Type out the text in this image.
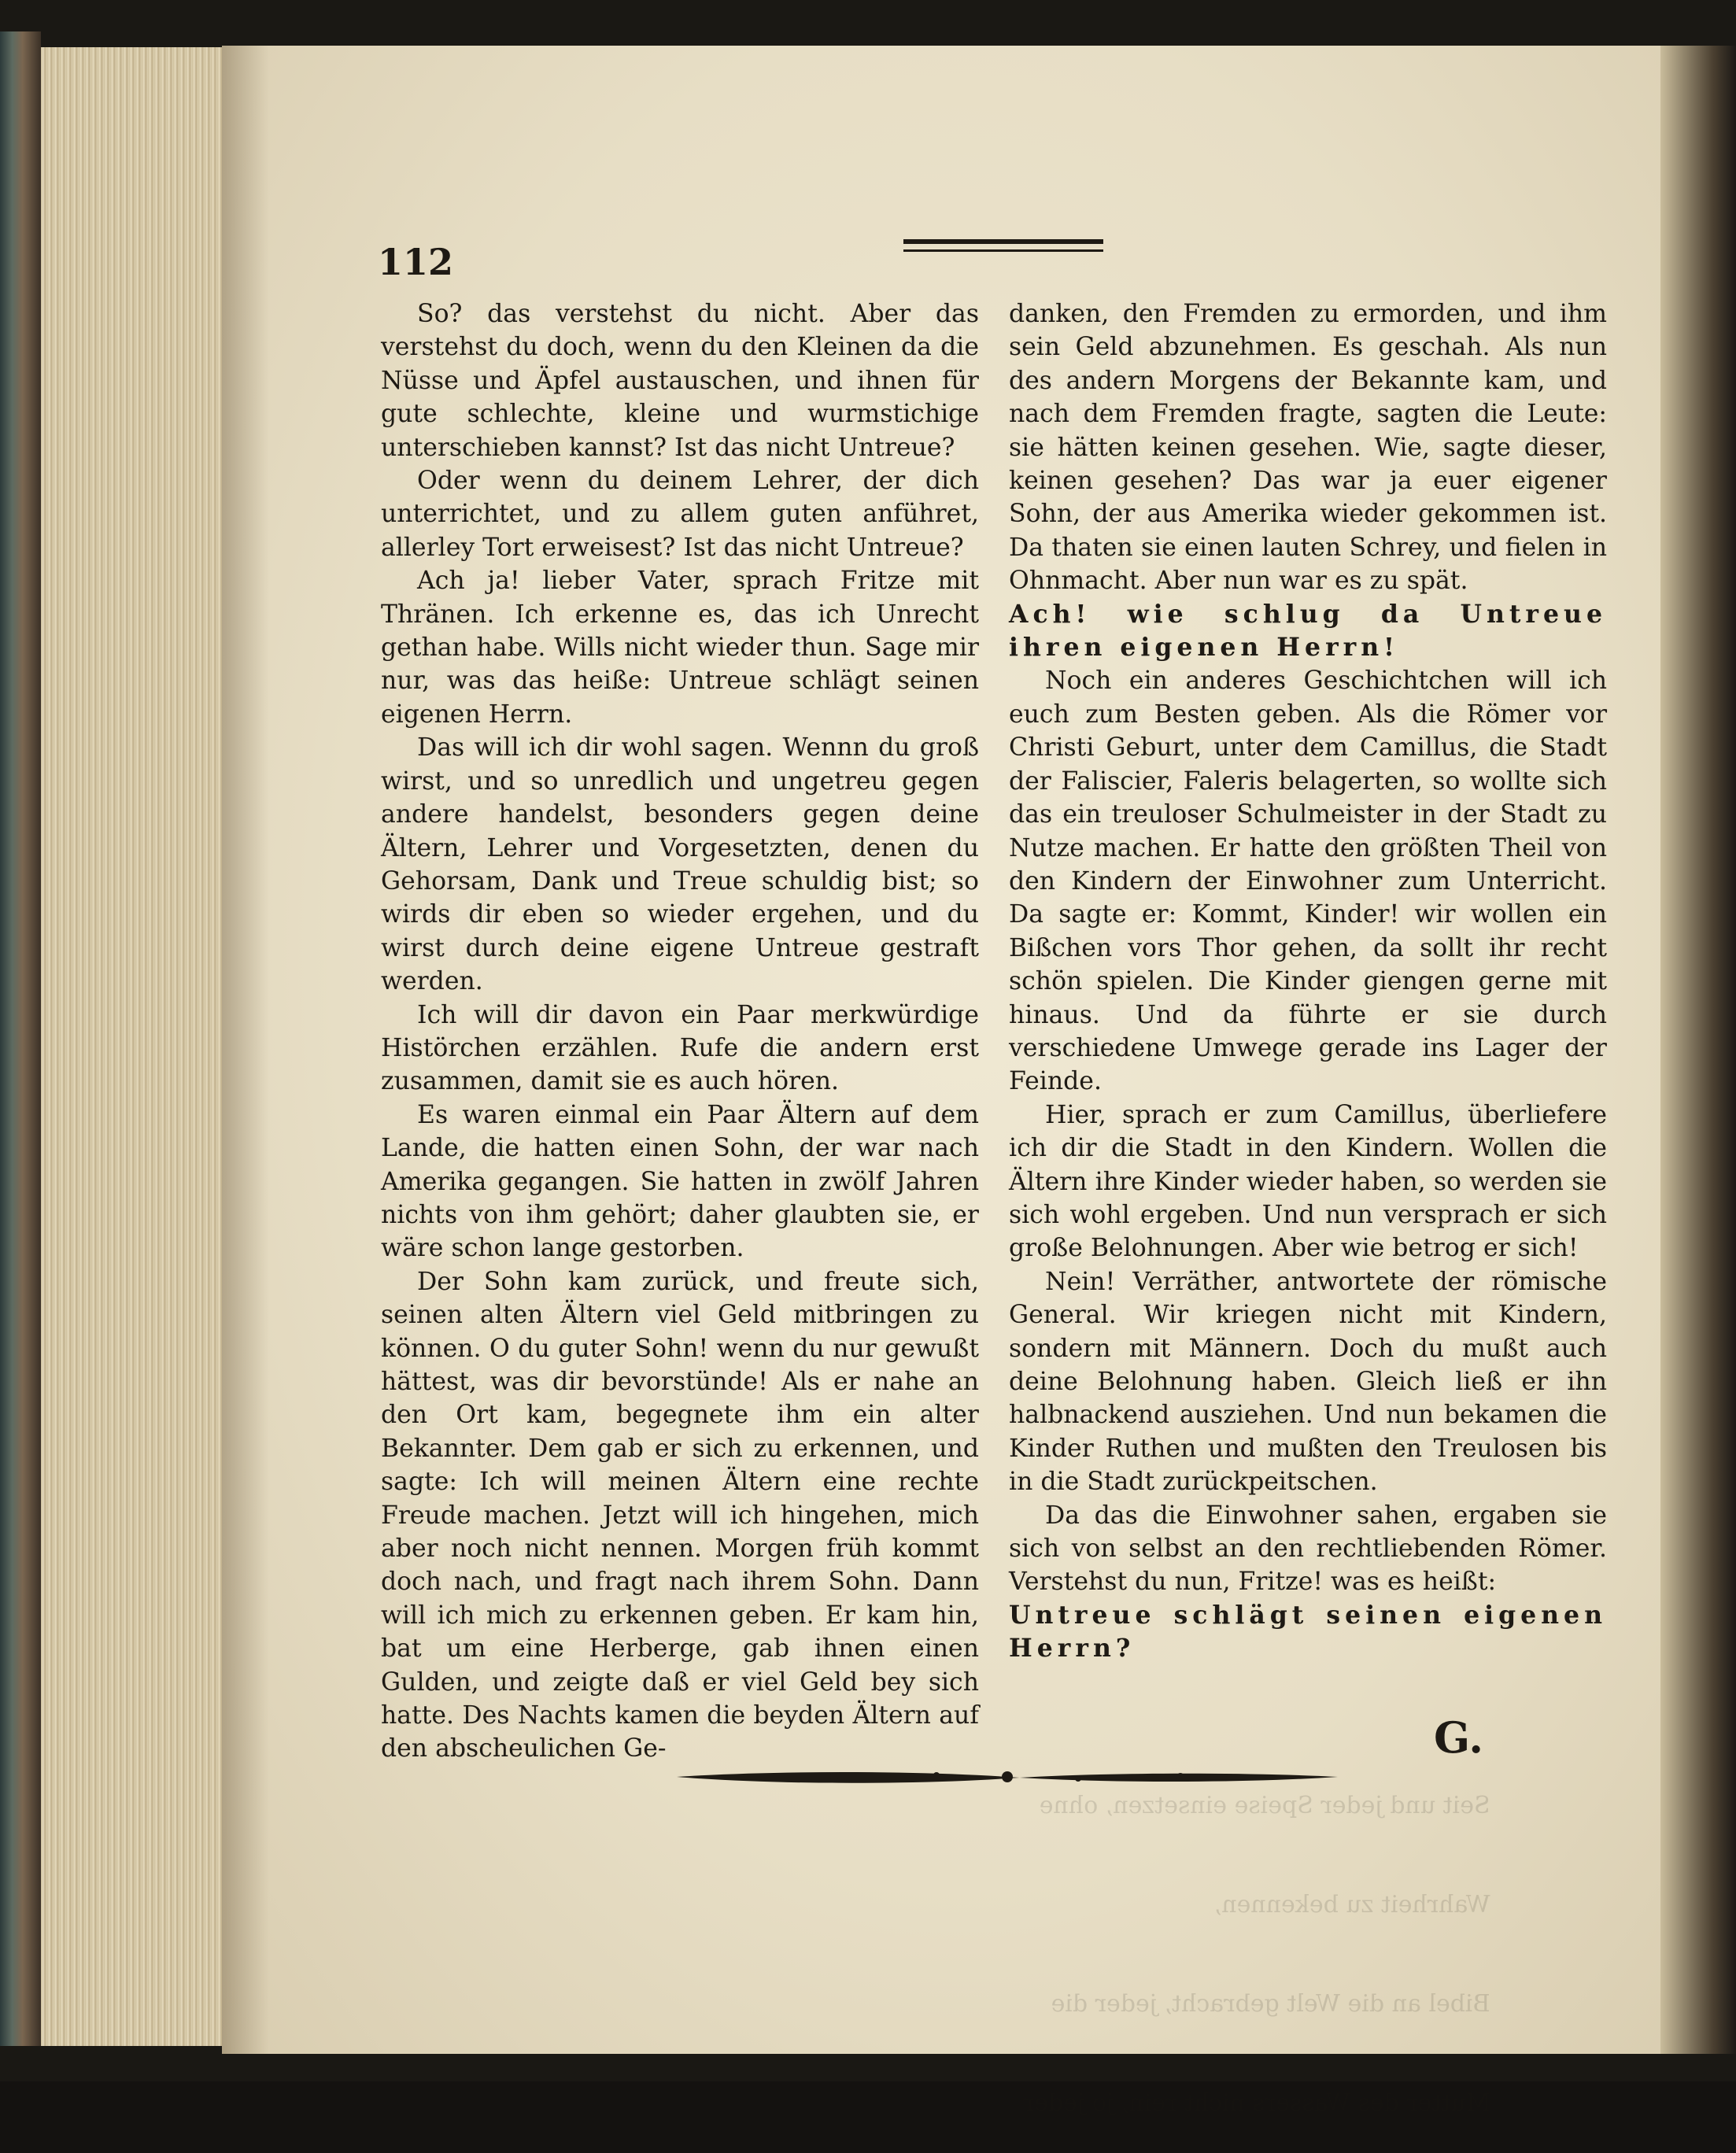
Seit und jeder Speise einsetzen, ohne

Wahrheit zu bekennen,

Bibel an die Welt gebracht, jeder die

Mutter des Wassers nicht rein, jo jeder

112

So? das verstehst du nicht. Aber das verstehst du doch, wenn du den Kleinen da die Nüsse und Äpfel austauschen, und ihnen für gute schlechte, kleine und wurmstichige unterschieben kannst? Ist das nicht Untreue?

Oder wenn du deinem Lehrer, der dich unterrichtet, und zu allem guten anführet, allerley Tort erweisest? Ist das nicht Untreue?

Ach ja! lieber Vater, sprach Fritze mit Thränen. Ich erkenne es, das ich Unrecht gethan habe. Wills nicht wieder thun. Sage mir nur, was das heiße: Untreue schlägt seinen eigenen Herrn.

Das will ich dir wohl sagen. Wennn du groß wirst, und so unredlich und ungetreu gegen andere handelst, besonders gegen deine Ältern, Lehrer und Vorgesetzten, denen du Gehorsam, Dank und Treue schuldig bist; so wirds dir eben so wieder ergehen, und du wirst durch deine eigene Untreue gestraft werden.

Ich will dir davon ein Paar merkwürdige Histörchen erzählen. Rufe die andern erst zusammen, damit sie es auch hören.

Es waren einmal ein Paar Ältern auf dem Lande, die hatten einen Sohn, der war nach Amerika gegangen. Sie hatten in zwölf Jahren nichts von ihm gehört; daher glaubten sie, er wäre schon lange gestorben.

Der Sohn kam zurück, und freute sich, seinen alten Ältern viel Geld mitbringen zu können. O du guter Sohn! wenn du nur gewußt hättest, was dir bevorstünde! Als er nahe an den Ort kam, begegnete ihm ein alter Bekannter. Dem gab er sich zu erkennen, und sagte: Ich will meinen Ältern eine rechte Freude machen. Jetzt will ich hingehen, mich aber noch nicht nennen. Morgen früh kommt doch nach, und fragt nach ihrem Sohn. Dann will ich mich zu erkennen geben. Er kam hin, bat um eine Herberge, gab ihnen einen Gulden, und zeigte daß er viel Geld bey sich hatte. Des Nachts kamen die beyden Ältern auf den abscheulichen Ge-

danken, den Fremden zu ermorden, und ihm sein Geld abzunehmen. Es geschah. Als nun des andern Morgens der Bekannte kam, und nach dem Fremden fragte, sagten die Leute: sie hätten keinen gesehen. Wie, sagte dieser, keinen gesehen? Das war ja euer eigener Sohn, der aus Amerika wieder gekommen ist. Da thaten sie einen lauten Schrey, und fielen in Ohnmacht. Aber nun war es zu spät.

Ach! wie schlug da Untreue ihren eigenen Herrn!

Noch ein anderes Geschichtchen will ich euch zum Besten geben. Als die Römer vor Christi Geburt, unter dem Camillus, die Stadt der Faliscier, Faleris belagerten, so wollte sich das ein treuloser Schulmeister in der Stadt zu Nutze machen. Er hatte den größten Theil von den Kindern der Einwohner zum Unterricht. Da sagte er: Kommt, Kinder! wir wollen ein Bißchen vors Thor gehen, da sollt ihr recht schön spielen. Die Kinder giengen gerne mit hinaus. Und da führte er sie durch verschiedene Umwege gerade ins Lager der Feinde.

Hier, sprach er zum Camillus, überliefere ich dir die Stadt in den Kindern. Wollen die Ältern ihre Kinder wieder haben, so werden sie sich wohl ergeben. Und nun versprach er sich große Belohnungen. Aber wie betrog er sich!

Nein! Verräther, antwortete der römische General. Wir kriegen nicht mit Kindern, sondern mit Männern. Doch du mußt auch deine Belohnung haben. Gleich ließ er ihn halbnackend ausziehen. Und nun bekamen die Kinder Ruthen und mußten den Treulosen bis in die Stadt zurückpeitschen.

Da das die Einwohner sahen, ergaben sie sich von selbst an den rechtliebenden Römer. Verstehst du nun, Fritze! was es heißt:

Untreue schlägt seinen eigenen Herrn?

G.
